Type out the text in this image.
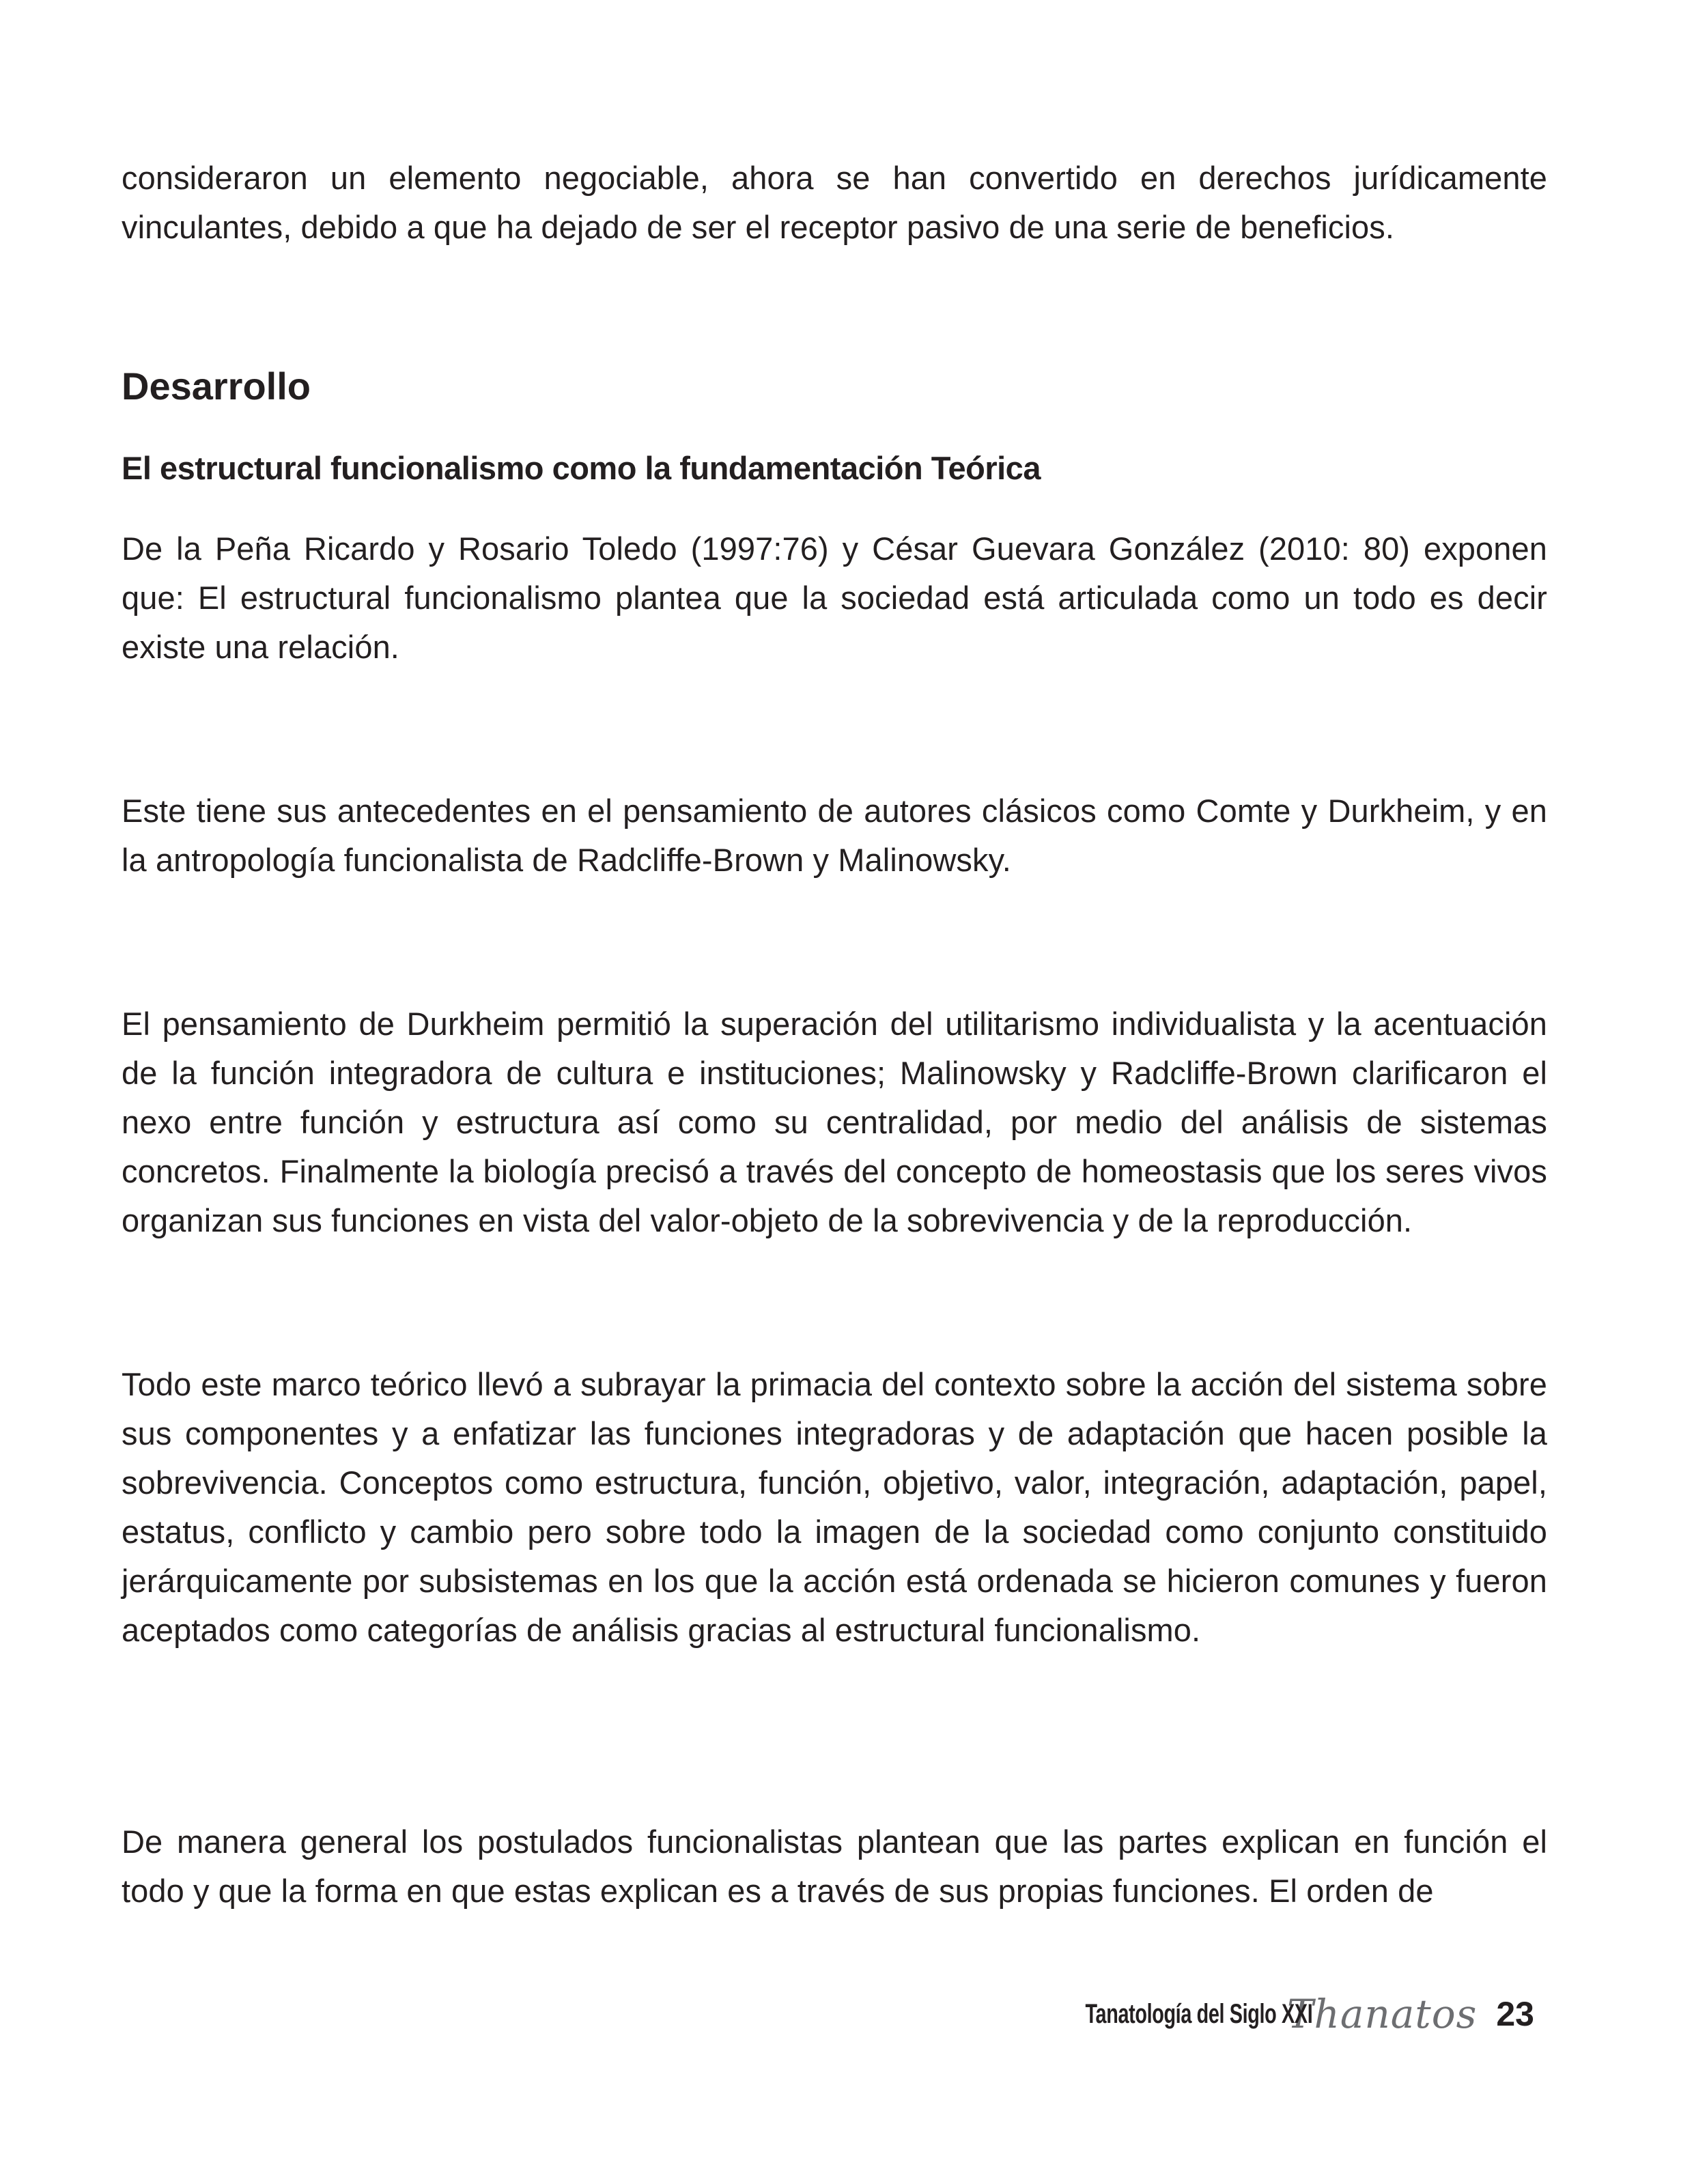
consideraron un elemento negociable, ahora se han convertido en derechos jurídicamente vinculantes, debido a que ha dejado de ser el receptor pasivo de una serie de beneficios.

Desarrollo
El estructural funcionalismo como la fundamentación Teórica

De la Peña Ricardo y Rosario Toledo (1997:76) y César Guevara González (2010: 80) exponen que: El estructural funcionalismo plantea que la sociedad está articulada como un todo es decir existe una relación.

Este tiene sus antecedentes en el pensamiento de autores clásicos como Comte y Durkheim, y en la antropología funcionalista de Radcliffe-Brown y Malinowsky.

El pensamiento de Durkheim permitió la superación del utilitarismo individualista y la acentuación de la función integradora de cultura e instituciones; Malinowsky y Radcliffe-Brown clarificaron el nexo entre función y estructura así como su centralidad, por medio del análisis de sistemas concretos. Finalmente la biología precisó a través del concepto de homeostasis que los seres vivos organizan sus funciones en vista del valor-objeto de la sobrevivencia y de la reproducción.

Todo este marco teórico llevó a subrayar la primacia del contexto sobre la acción del sistema sobre sus componentes y a enfatizar las funciones integradoras y de adaptación que hacen posible la sobrevivencia. Conceptos como estructura, función, objetivo, valor, integración, adaptación, papel, estatus, conflicto y cambio pero sobre todo la imagen de la sociedad como conjunto constituido jerárquicamente por subsistemas en los que la acción está ordenada se hicieron comunes y fueron aceptados como categorías de análisis gracias al estructural funcionalismo.

De manera general los postulados funcionalistas plantean que las partes explican en función el todo y que la forma en que estas explican es a través de sus propias funciones. El orden de

Tanatología del Siglo XXI
Thanatos 23
